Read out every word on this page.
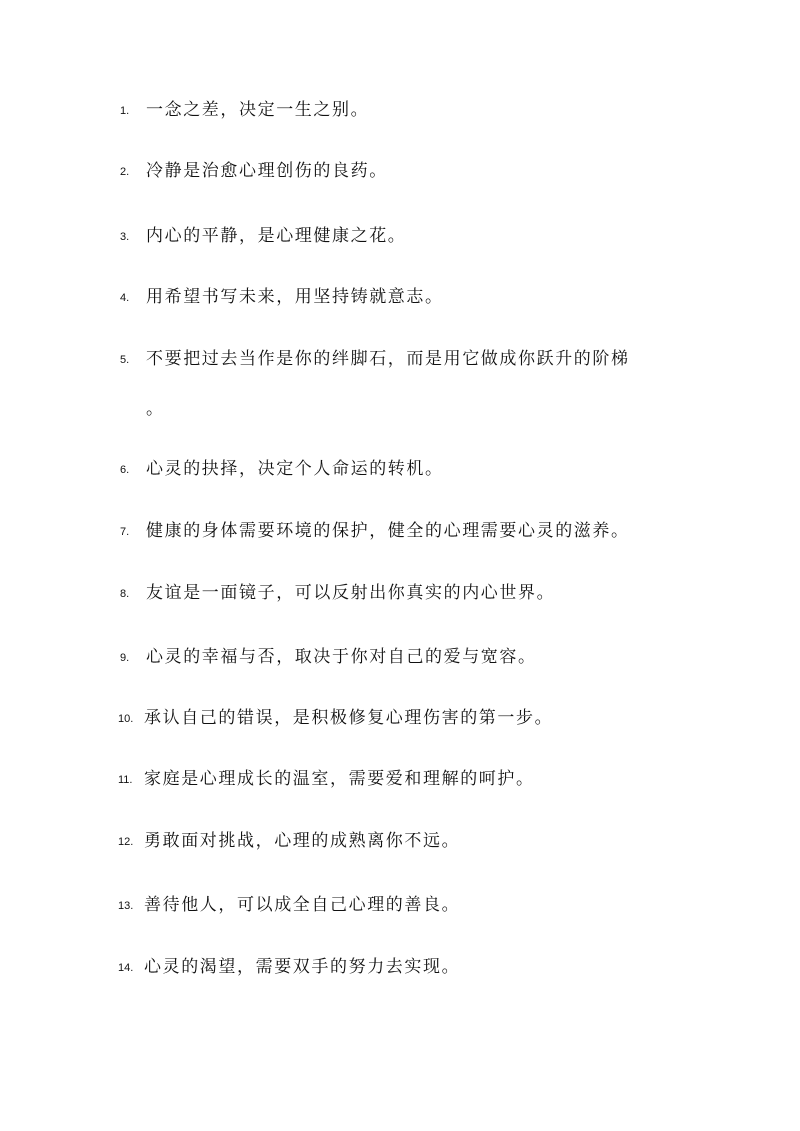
1. 一念之差，决定一生之别。
2. 冷静是治愈心理创伤的良药。
3. 内心的平静，是心理健康之花。
4. 用希望书写未来，用坚持铸就意志。
5. 不要把过去当作是你的绊脚石，而是用它做成你跃升的阶梯
。
6. 心灵的抉择，决定个人命运的转机。
7. 健康的身体需要环境的保护，健全的心理需要心灵的滋养。
8. 友谊是一面镜子，可以反射出你真实的内心世界。
9. 心灵的幸福与否，取决于你对自己的爱与宽容。
10. 承认自己的错误，是积极修复心理伤害的第一步。
11. 家庭是心理成长的温室，需要爱和理解的呵护。
12. 勇敢面对挑战，心理的成熟离你不远。
13. 善待他人，可以成全自己心理的善良。
14. 心灵的渴望，需要双手的努力去实现。
